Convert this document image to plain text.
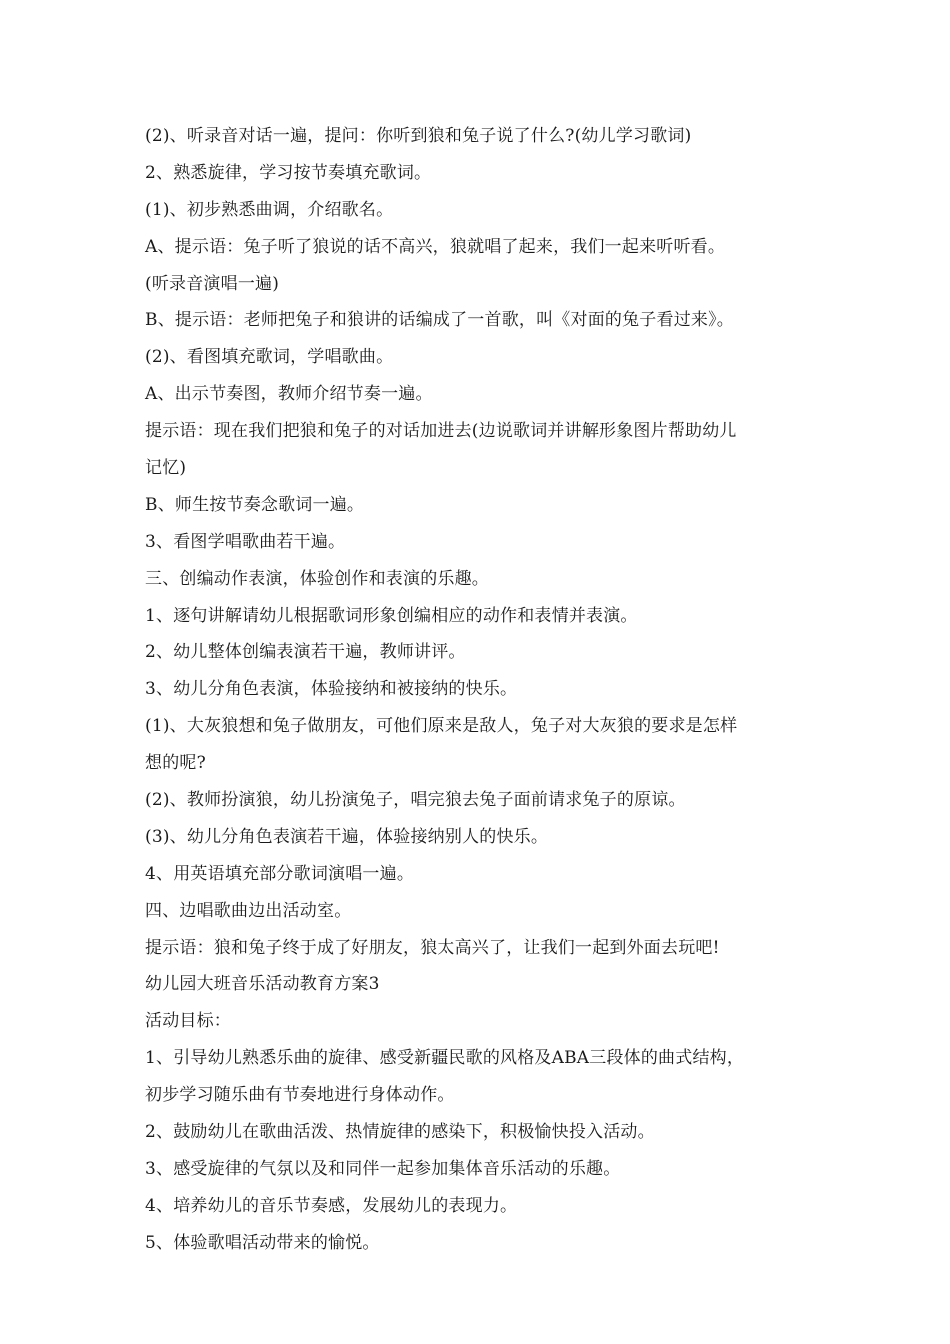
(2)、听录音对话一遍，提问：你听到狼和兔子说了什么?(幼儿学习歌词)
2、熟悉旋律，学习按节奏填充歌词。
(1)、初步熟悉曲调，介绍歌名。
A、提示语：兔子听了狼说的话不高兴，狼就唱了起来，我们一起来听听看。
(听录音演唱一遍)
B、提示语：老师把兔子和狼讲的话编成了一首歌，叫《对面的兔子看过来》。
(2)、看图填充歌词，学唱歌曲。
A、出示节奏图，教师介绍节奏一遍。
提示语：现在我们把狼和兔子的对话加进去(边说歌词并讲解形象图片帮助幼儿
记忆)
B、师生按节奏念歌词一遍。
3、看图学唱歌曲若干遍。
三、创编动作表演，体验创作和表演的乐趣。
1、逐句讲解请幼儿根据歌词形象创编相应的动作和表情并表演。
2、幼儿整体创编表演若干遍，教师讲评。
3、幼儿分角色表演，体验接纳和被接纳的快乐。
(1)、大灰狼想和兔子做朋友，可他们原来是敌人，兔子对大灰狼的要求是怎样
想的呢?
(2)、教师扮演狼，幼儿扮演兔子，唱完狼去兔子面前请求兔子的原谅。
(3)、幼儿分角色表演若干遍，体验接纳别人的快乐。
4、用英语填充部分歌词演唱一遍。
四、边唱歌曲边出活动室。
提示语：狼和兔子终于成了好朋友，狼太高兴了，让我们一起到外面去玩吧!
幼儿园大班音乐活动教育方案3
活动目标：
1、引导幼儿熟悉乐曲的旋律、感受新疆民歌的风格及ABA三段体的曲式结构，
初步学习随乐曲有节奏地进行身体动作。
2、鼓励幼儿在歌曲活泼、热情旋律的感染下，积极愉快投入活动。
3、感受旋律的气氛以及和同伴一起参加集体音乐活动的乐趣。
4、培养幼儿的音乐节奏感，发展幼儿的表现力。
5、体验歌唱活动带来的愉悦。
